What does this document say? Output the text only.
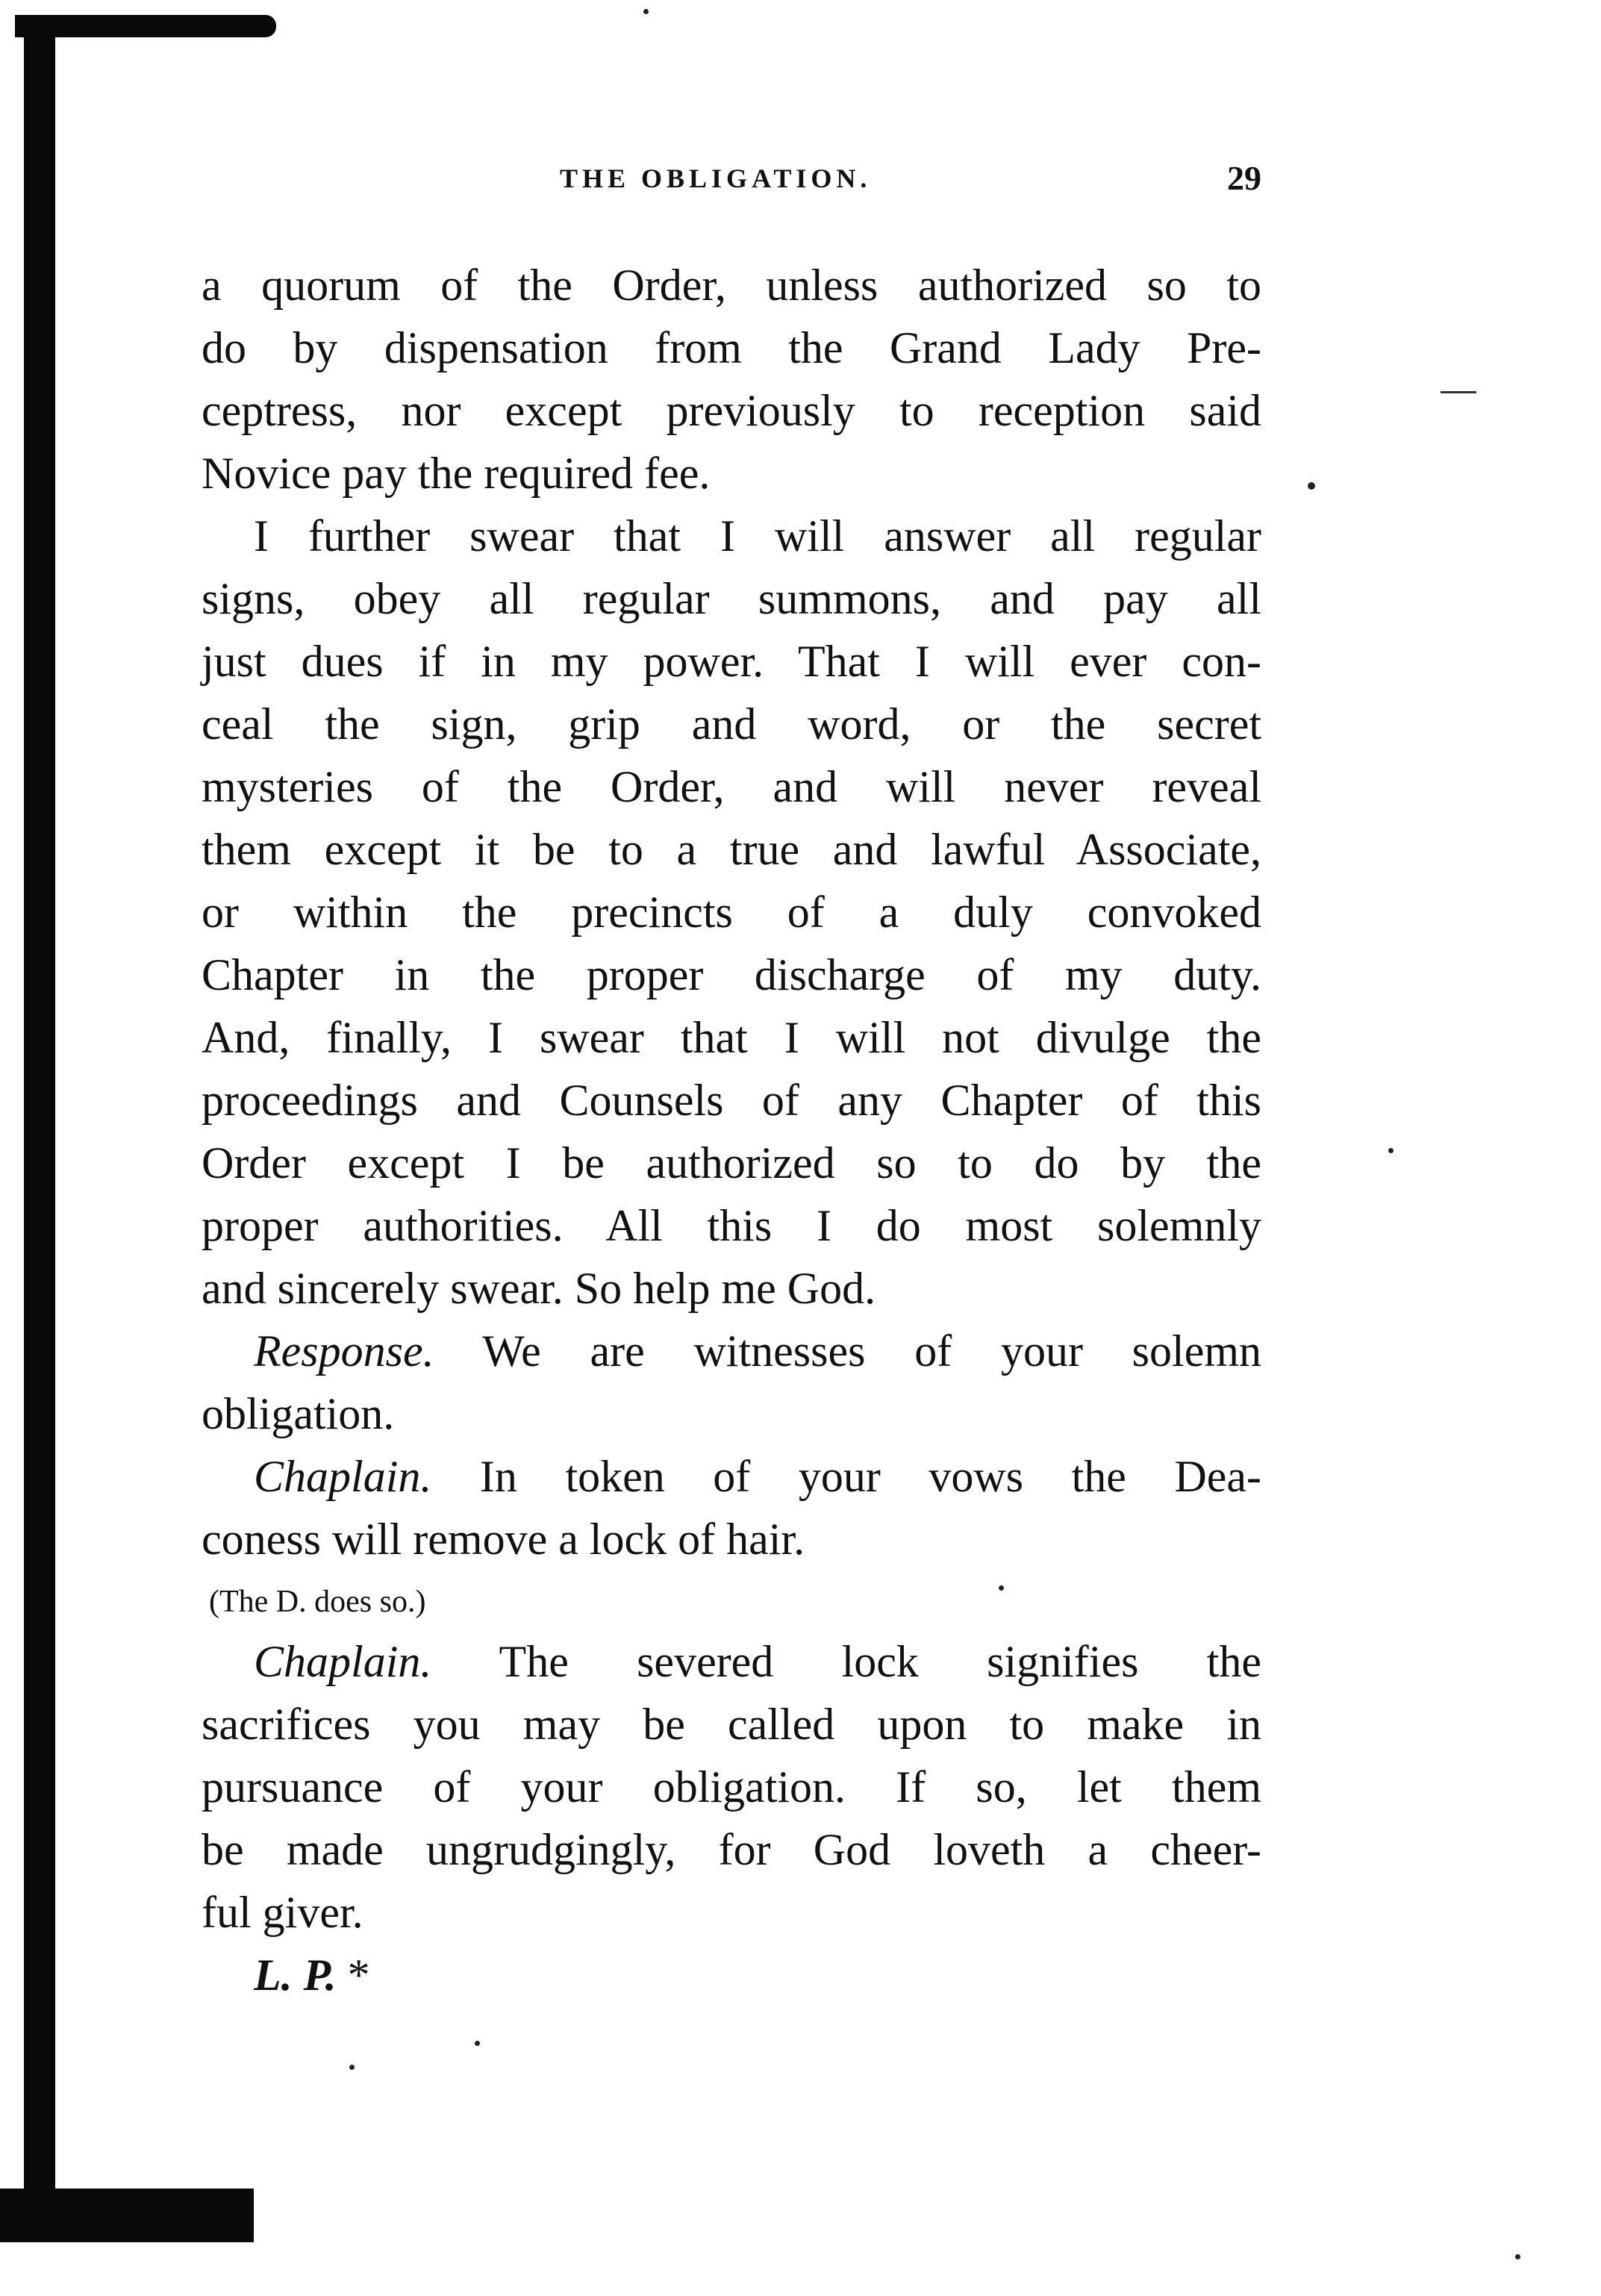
THE OBLIGATION.	29
a quorum of the Order, unless authorized so to
do by dispensation from the Grand Lady Pre-
ceptress, nor except previously to reception said
Novice pay the required fee.
I further swear that I will answer all regular
signs, obey all regular summons, and pay all
just dues if in my power. That I will ever con-
ceal the sign, grip and word, or the secret
mysteries of the Order, and will never reveal
them except it be to a true and lawful Associate,
or within the precincts of a duly convoked
Chapter in the proper discharge of my duty.
And, finally, I swear that I will not divulge the
proceedings and Counsels of any Chapter of this
Order except I be authorized so to do by the
proper authorities. All this I do most solemnly
and sincerely swear. So help me God.
Response. We are witnesses of your solemn
obligation.
Chaplain. In token of your vows the Dea-
coness will remove a lock of hair.
(The D. does so.)
Chaplain. The severed lock signifies the
sacrifices you may be called upon to make in
pursuance of your obligation. If so, let them
be made ungrudgingly, for God loveth a cheer-
ful giver.
L. P. *
